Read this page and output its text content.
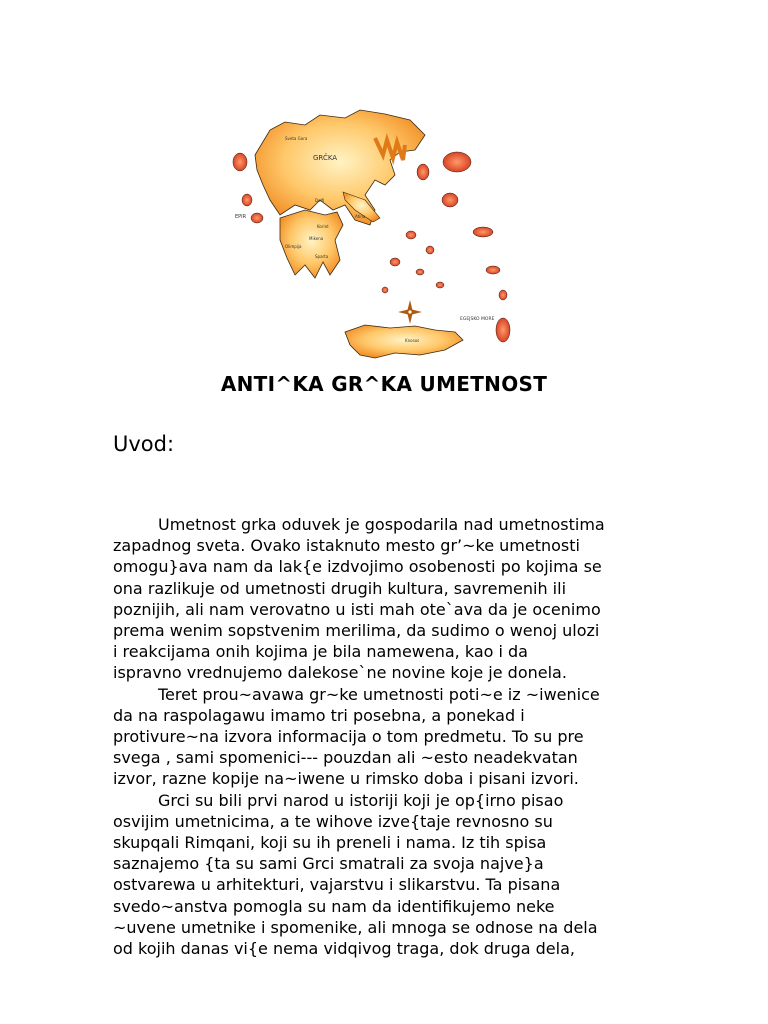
GRČKA
EGEJSKO MORE
EPIR
Sveta Gora
Atina
Korint
Mikena
Sparta
Olimpija
Delfi
Knosos
ANTI^KA GR^KA UMETNOST
Uvod:

Umetnost grka oduvek je gospodarila nad umetnostima
zapadnog sveta. Ovako istaknuto mesto gr’~ke umetnosti
omogu}ava nam da lak{e izdvojimo osobenosti po kojima se
ona razlikuje od umetnosti drugih kultura, savremenih ili
poznijih, ali nam verovatno u isti mah ote`ava da je ocenimo
prema wenim sopstvenim merilima, da sudimo o wenoj ulozi
i reakcijama onih kojima je bila namewena, kao i da
ispravno vrednujemo dalekose`ne novine koje je donela.

Teret prou~avawa gr~ke umetnosti poti~e iz ~iwenice
da na raspolagawu imamo tri posebna, a ponekad i
protivure~na izvora informacija o tom predmetu. To su pre
svega , sami spomenici--- pouzdan ali ~esto neadekvatan
izvor, razne kopije na~iwene u rimsko doba i pisani izvori.

Grci su bili prvi narod u istoriji koji je op{irno pisao
osvijim umetnicima, a te wihove izve{taje revnosno su
skupqali Rimqani, koji su ih preneli i nama. Iz tih spisa
saznajemo {ta su sami Grci smatrali za svoja najve}a
ostvarewa u arhitekturi, vajarstvu i slikarstvu. Ta pisana
svedo~anstva pomogla su nam da identifikujemo neke
~uvene umetnike i spomenike, ali mnoga se odnose na dela
od kojih danas vi{e nema vidqivog traga, dok druga dela,
